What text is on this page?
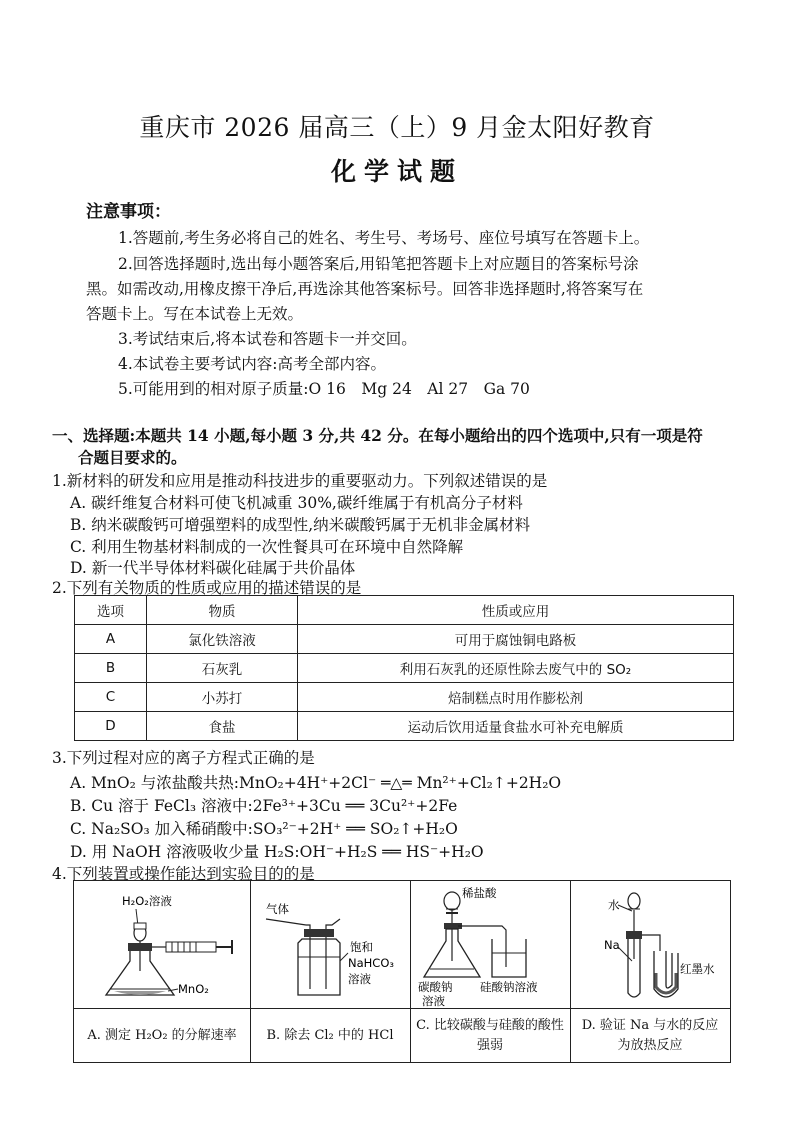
重庆市 2026 届高三（上）9 月金太阳好教育
化学试题
注意事项：
1.答题前,考生务必将自己的姓名、考生号、考场号、座位号填写在答题卡上。
2.回答选择题时,选出每小题答案后,用铅笔把答题卡上对应题目的答案标号涂
黑。如需改动,用橡皮擦干净后,再选涂其他答案标号。回答非选择题时,将答案写在
答题卡上。写在本试卷上无效。
3.考试结束后,将本试卷和答题卡一并交回。
4.本试卷主要考试内容:高考全部内容。
5.可能用到的相对原子质量:O 16　Mg 24　Al 27　Ga 70
一、选择题:本题共 14 小题,每小题 3 分,共 42 分。在每小题给出的四个选项中,只有一项是符
合题目要求的。
1.新材料的研发和应用是推动科技进步的重要驱动力。下列叙述错误的是
A. 碳纤维复合材料可使飞机减重 30%,碳纤维属于有机高分子材料
B. 纳米碳酸钙可增强塑料的成型性,纳米碳酸钙属于无机非金属材料
C. 利用生物基材料制成的一次性餐具可在环境中自然降解
D. 新一代半导体材料碳化硅属于共价晶体
2.下列有关物质的性质或应用的描述错误的是
选项	物质	性质或应用
A	氯化铁溶液	可用于腐蚀铜电路板
B	石灰乳	利用石灰乳的还原性除去废气中的 SO₂
C	小苏打	焙制糕点时用作膨松剂
D	食盐	运动后饮用适量食盐水可补充电解质
3.下列过程对应的离子方程式正确的是
A. MnO₂ 与浓盐酸共热:MnO₂+4H⁺+2Cl⁻ ═△═ Mn²⁺+Cl₂↑+2H₂O
B. Cu 溶于 FeCl₃ 溶液中:2Fe³⁺+3Cu ══ 3Cu²⁺+2Fe
C. Na₂SO₃ 加入稀硝酸中:SO₃²⁻+2H⁺ ══ SO₂↑+H₂O
D. 用 NaOH 溶液吸收少量 H₂S:OH⁻+H₂S ══ HS⁻+H₂O
4.下列装置或操作能达到实验目的的是
H₂O₂溶液
MnO₂
A. 测定 H₂O₂ 的分解速率
气体
饱和
NaHCO₃
溶液
B. 除去 Cl₂ 中的 HCl
稀盐酸
碳酸钠
溶液
硅酸钠溶液
C. 比较碳酸与硅酸的酸性强弱
水
Na
红墨水
D. 验证 Na 与水的反应为放热反应
